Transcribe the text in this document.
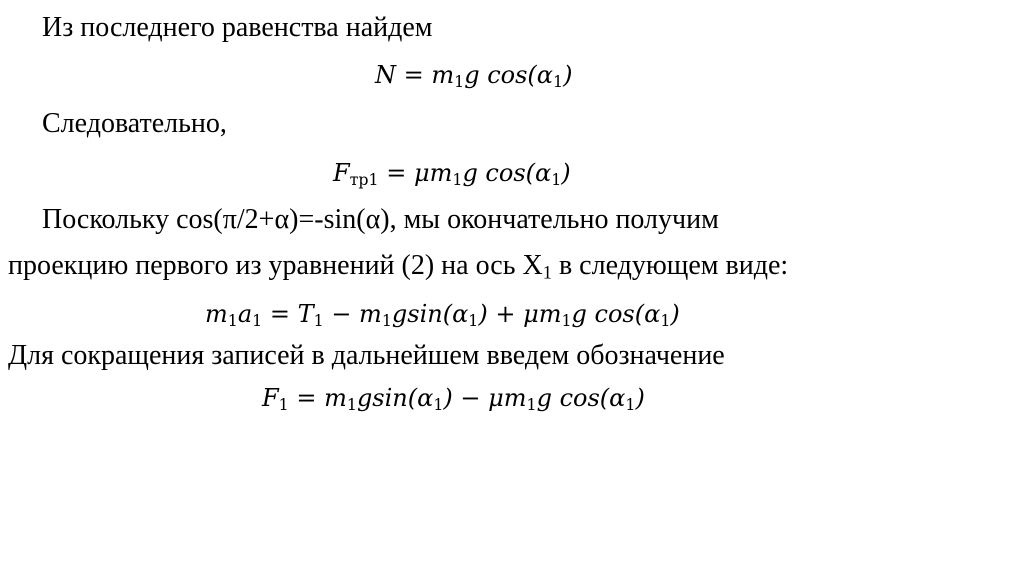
Из последнего равенства найдем
$N = m_1g$ $\cos(\alpha_1)$
Следовательно,
$F_{тр1} = \mu m_1g$ $\cos(\alpha_1)$
Поскольку cos(π/2+α)=-sin(α), мы окончательно получим
проекцию первого из уравнений (2) на ось $X_1$ в следующем виде:
$m_1a_1 = T_1 - m_1gsin(\alpha_1) + \mu m_1g$ $\cos(\alpha_1)$
Для сокращения записей в дальнейшем введем обозначение
$F_1 = m_1gsin(\alpha_1) - \mu m_1g$ $\cos(\alpha_1)$
